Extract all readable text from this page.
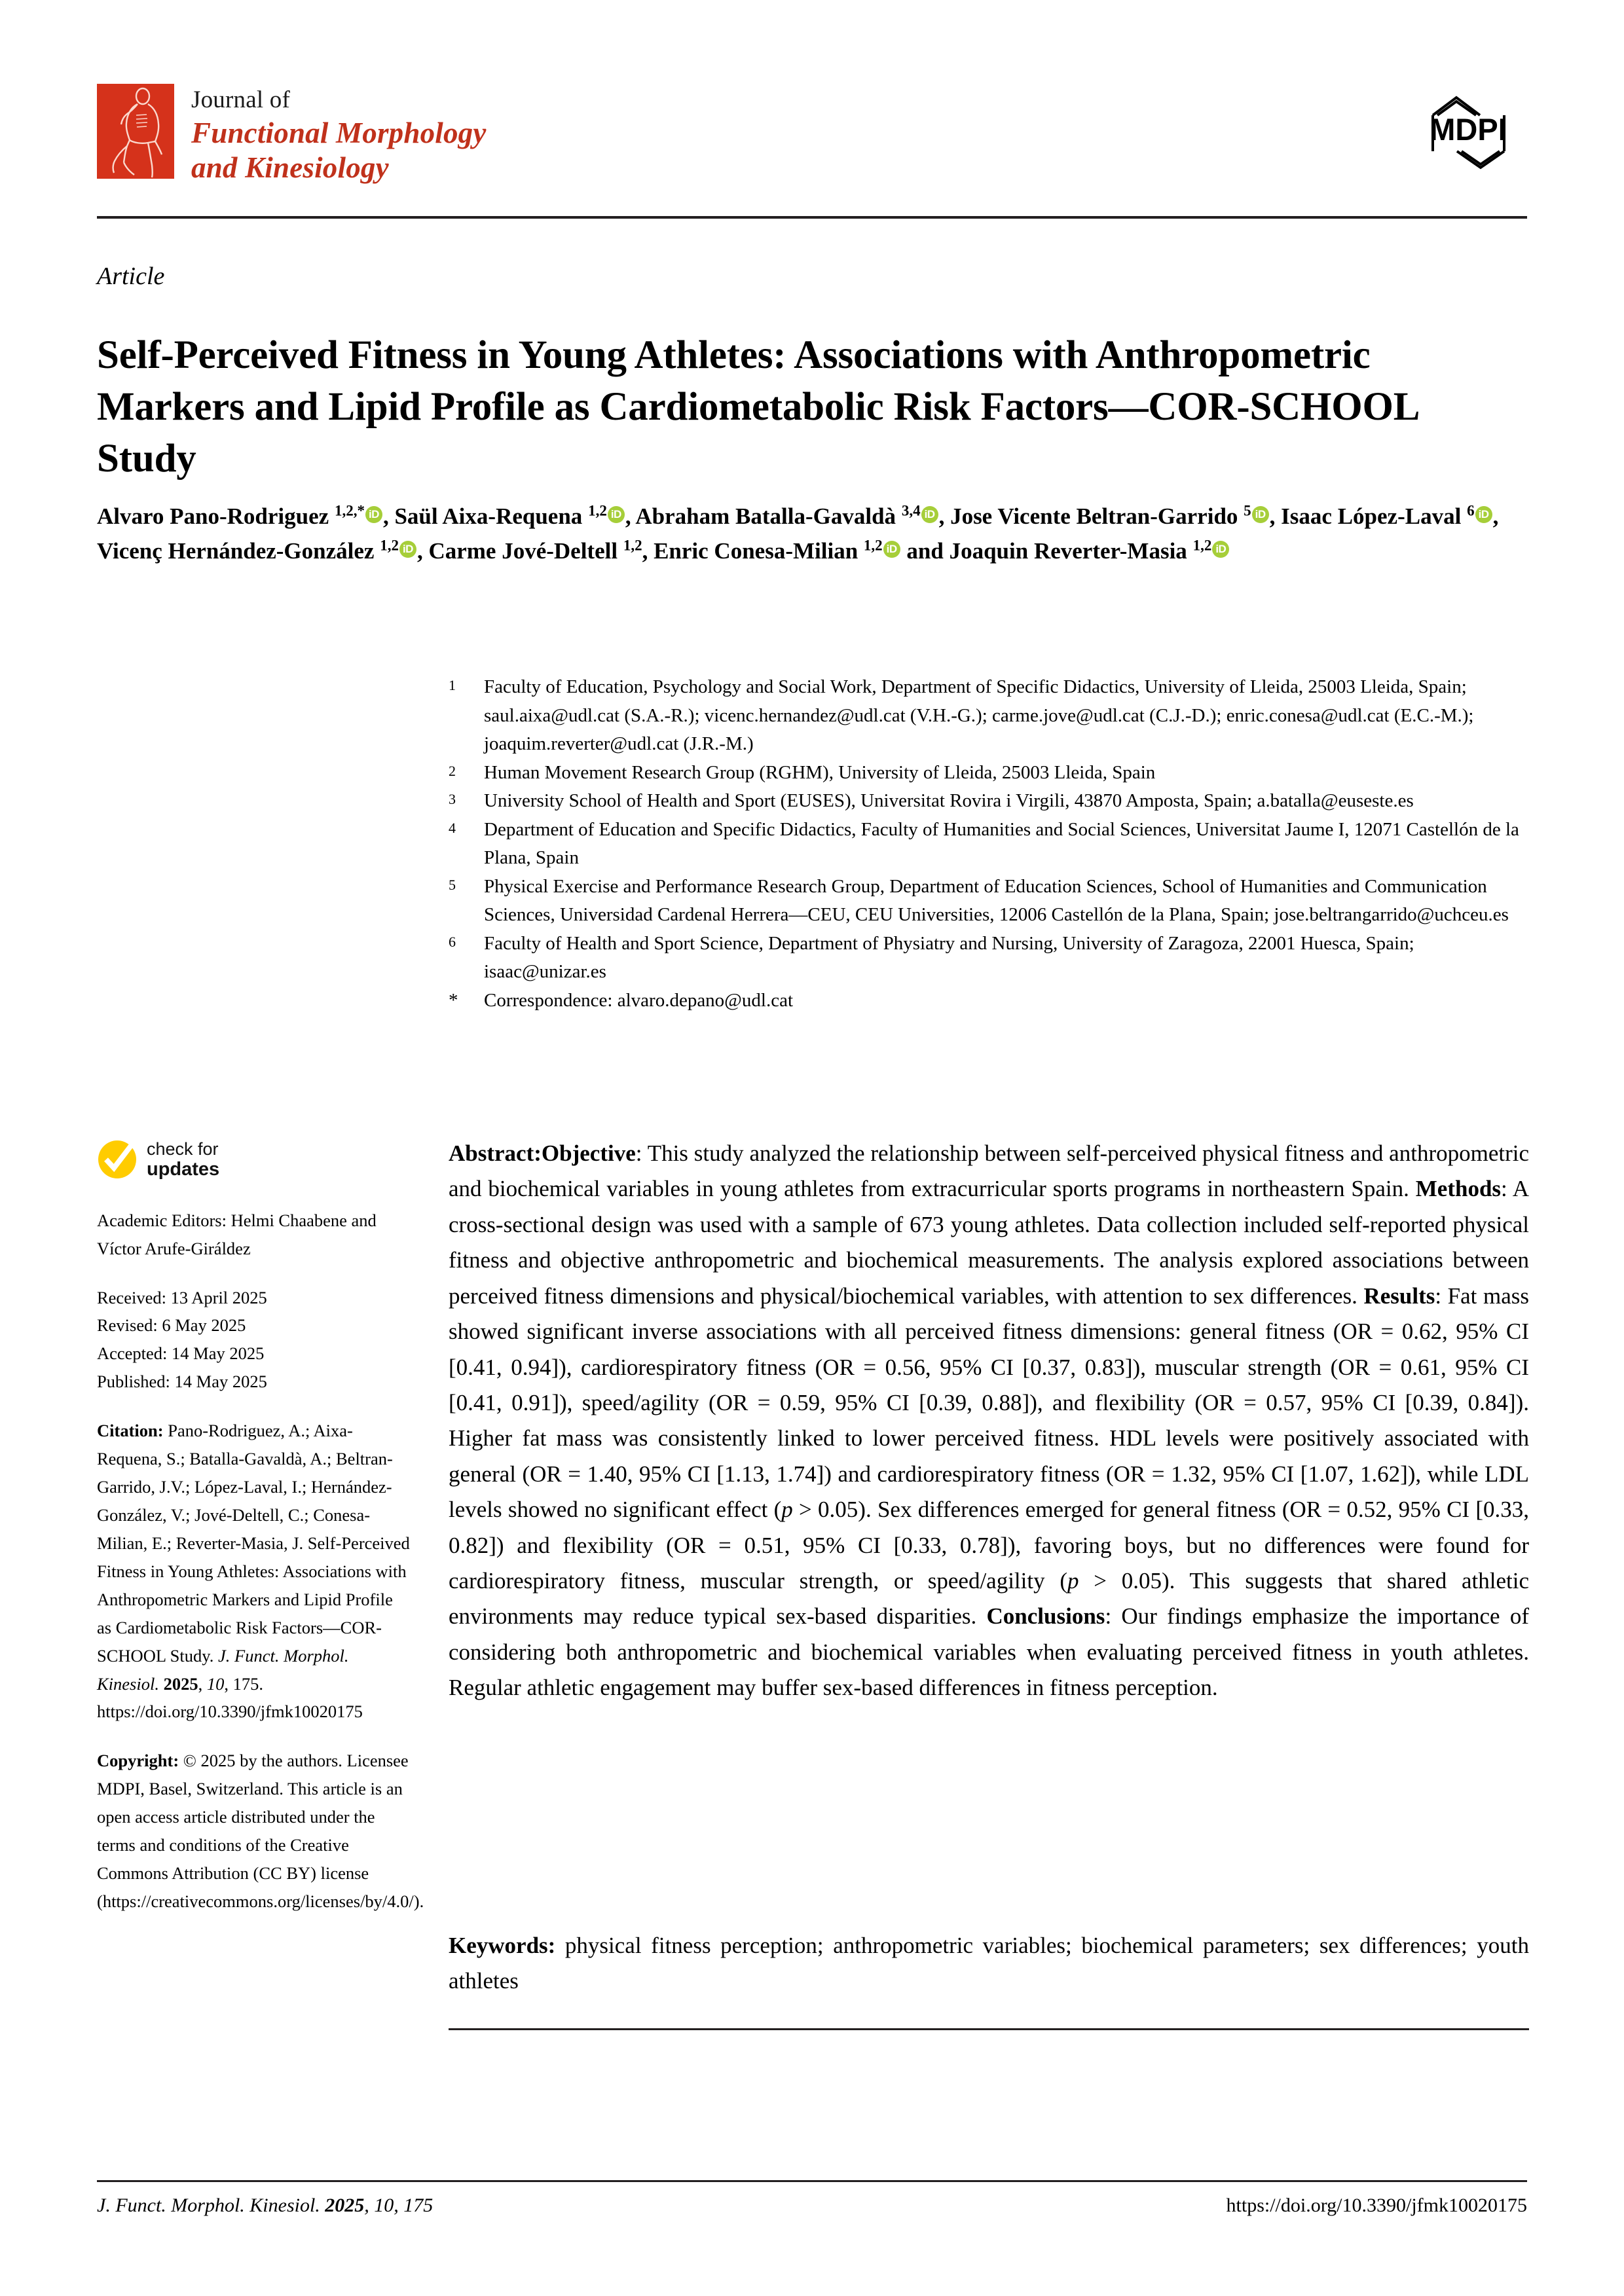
Journal of
Functional Morphology
and Kinesiology
MDPI
Article
Self-Perceived Fitness in Young Athletes: Associations with Anthropometric Markers and Lipid Profile as Cardiometabolic Risk Factors—COR-SCHOOL Study
Alvaro Pano-Rodriguez $^{1,2,*}$ iD , Saül Aixa-Requena $^{1,2}$ iD , Abraham Batalla-Gavaldà $^{3,4}$ iD , Jose Vicente Beltran-Garrido $^5$ iD , Isaac López-Laval $^6$ iD , Vicenç Hernández-González $^{1,2}$ iD , Carme Jové-Deltell $^{1,2}$, Enric Conesa-Milian $^{1,2}$ iD and Joaquin Reverter-Masia $^{1,2}$ iD
1	Faculty of Education, Psychology and Social Work, Department of Specific Didactics, University of Lleida, 25003 Lleida, Spain; saul.aixa@udl.cat (S.A.-R.); vicenc.hernandez@udl.cat (V.H.-G.); carme.jove@udl.cat (C.J.-D.); enric.conesa@udl.cat (E.C.-M.); joaquim.reverter@udl.cat (J.R.-M.)
2	Human Movement Research Group (RGHM), University of Lleida, 25003 Lleida, Spain
3	University School of Health and Sport (EUSES), Universitat Rovira i Virgili, 43870 Amposta, Spain; a.batalla@euseste.es
4	Department of Education and Specific Didactics, Faculty of Humanities and Social Sciences, Universitat Jaume I, 12071 Castellón de la Plana, Spain
5	Physical Exercise and Performance Research Group, Department of Education Sciences, School of Humanities and Communication Sciences, Universidad Cardenal Herrera—CEU, CEU Universities, 12006 Castellón de la Plana, Spain; jose.beltrangarrido@uchceu.es
6	Faculty of Health and Sport Science, Department of Physiatry and Nursing, University of Zaragoza, 22001 Huesca, Spain; isaac@unizar.es
*	Correspondence: alvaro.depano@udl.cat
check for
updates
Academic Editors: Helmi Chaabene and Víctor Arufe-Giráldez
Received: 13 April 2025
Revised: 6 May 2025
Accepted: 14 May 2025
Published: 14 May 2025
Citation: Pano-Rodriguez, A.; Aixa-Requena, S.; Batalla-Gavaldà, A.; Beltran-Garrido, J.V.; López-Laval, I.; Hernández-González, V.; Jové-Deltell, C.; Conesa-Milian, E.; Reverter-Masia, J. Self-Perceived Fitness in Young Athletes: Associations with Anthropometric Markers and Lipid Profile as Cardiometabolic Risk Factors—COR-SCHOOL Study. J. Funct. Morphol. Kinesiol. 2025, 10, 175. https://doi.org/10.3390/jfmk10020175
Copyright: © 2025 by the authors. Licensee MDPI, Basel, Switzerland. This article is an open access article distributed under the terms and conditions of the Creative Commons Attribution (CC BY) license (https://creativecommons.org/licenses/by/4.0/).
Abstract:Objective: This study analyzed the relationship between self-perceived physical fitness and anthropometric and biochemical variables in young athletes from extracurricular sports programs in northeastern Spain. Methods: A cross-sectional design was used with a sample of 673 young athletes. Data collection included self-reported physical fitness and objective anthropometric and biochemical measurements. The analysis explored associations between perceived fitness dimensions and physical/biochemical variables, with attention to sex differences. Results: Fat mass showed significant inverse associations with all perceived fitness dimensions: general fitness (OR = 0.62, 95% CI [0.41, 0.94]), cardiorespiratory fitness (OR = 0.56, 95% CI [0.37, 0.83]), muscular strength (OR = 0.61, 95% CI [0.41, 0.91]), speed/agility (OR = 0.59, 95% CI [0.39, 0.88]), and flexibility (OR = 0.57, 95% CI [0.39, 0.84]). Higher fat mass was consistently linked to lower perceived fitness. HDL levels were positively associated with general (OR = 1.40, 95% CI [1.13, 1.74]) and cardiorespiratory fitness (OR = 1.32, 95% CI [1.07, 1.62]), while LDL levels showed no significant effect (p > 0.05). Sex differences emerged for general fitness (OR = 0.52, 95% CI [0.33, 0.82]) and flexibility (OR = 0.51, 95% CI [0.33, 0.78]), favoring boys, but no differences were found for cardiorespiratory fitness, muscular strength, or speed/agility (p > 0.05). This suggests that shared athletic environments may reduce typical sex-based disparities. Conclusions: Our findings emphasize the importance of considering both anthropometric and biochemical variables when evaluating perceived fitness in youth athletes. Regular athletic engagement may buffer sex-based differences in fitness perception.
Keywords: physical fitness perception; anthropometric variables; biochemical parameters; sex differences; youth athletes
J. Funct. Morphol. Kinesiol. 2025, 10, 175	https://doi.org/10.3390/jfmk10020175
